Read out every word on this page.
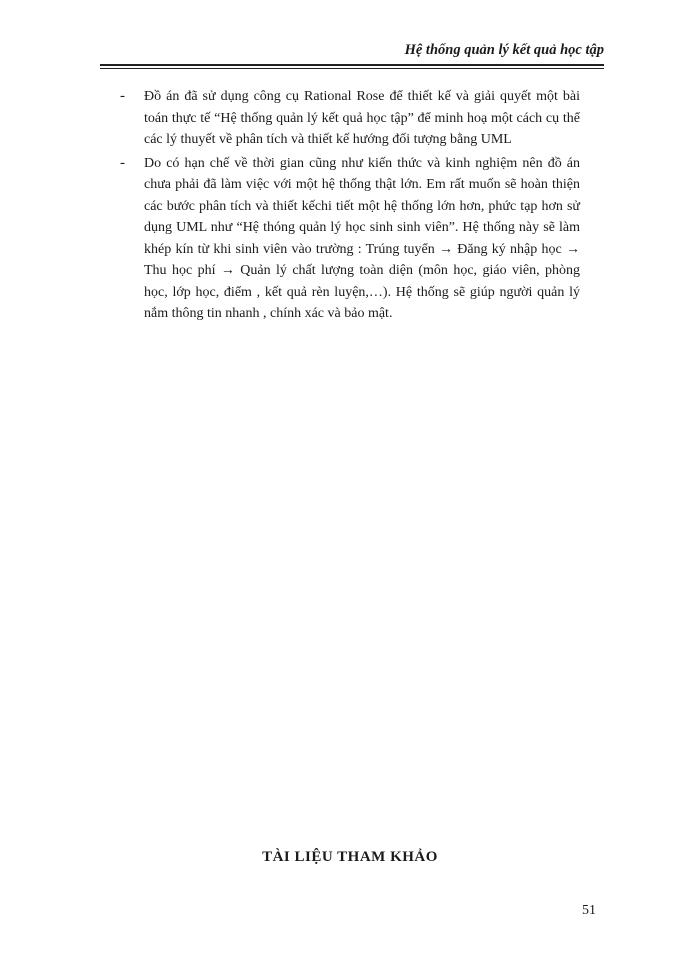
Hệ thống quản lý kết quả học tập
- Đồ án đã sử dụng công cụ Rational Rose để thiết kế và giải quyết một bài toán thực tế “Hệ thống quản lý kết quả học tập” để minh hoạ một cách cụ thể các lý thuyết về phân tích và thiết kế hướng đối tượng bằng UML
- Do có hạn chế về thời gian cũng như kiến thức và kinh nghiệm nên đồ án chưa phải đã làm việc với một hệ thống thật lớn. Em rất muốn sẽ hoàn thiện các bước phân tích và thiết kếchi tiết một hệ thống lớn hơn, phức tạp hơn sử dụng UML như “Hệ thóng quản lý học sinh sinh viên”. Hệ thống này sẽ làm khép kín từ khi sinh viên vào trường : Trúng tuyển → Đăng ký nhập học → Thu học phí → Quản lý chất lượng toàn diện (môn học, giáo viên, phòng học, lớp học, điểm , kết quả rèn luyện,…). Hệ thống sẽ giúp người quản lý nắm thông tin nhanh , chính xác và bảo mật.
TÀI LIỆU THAM KHẢO
51
